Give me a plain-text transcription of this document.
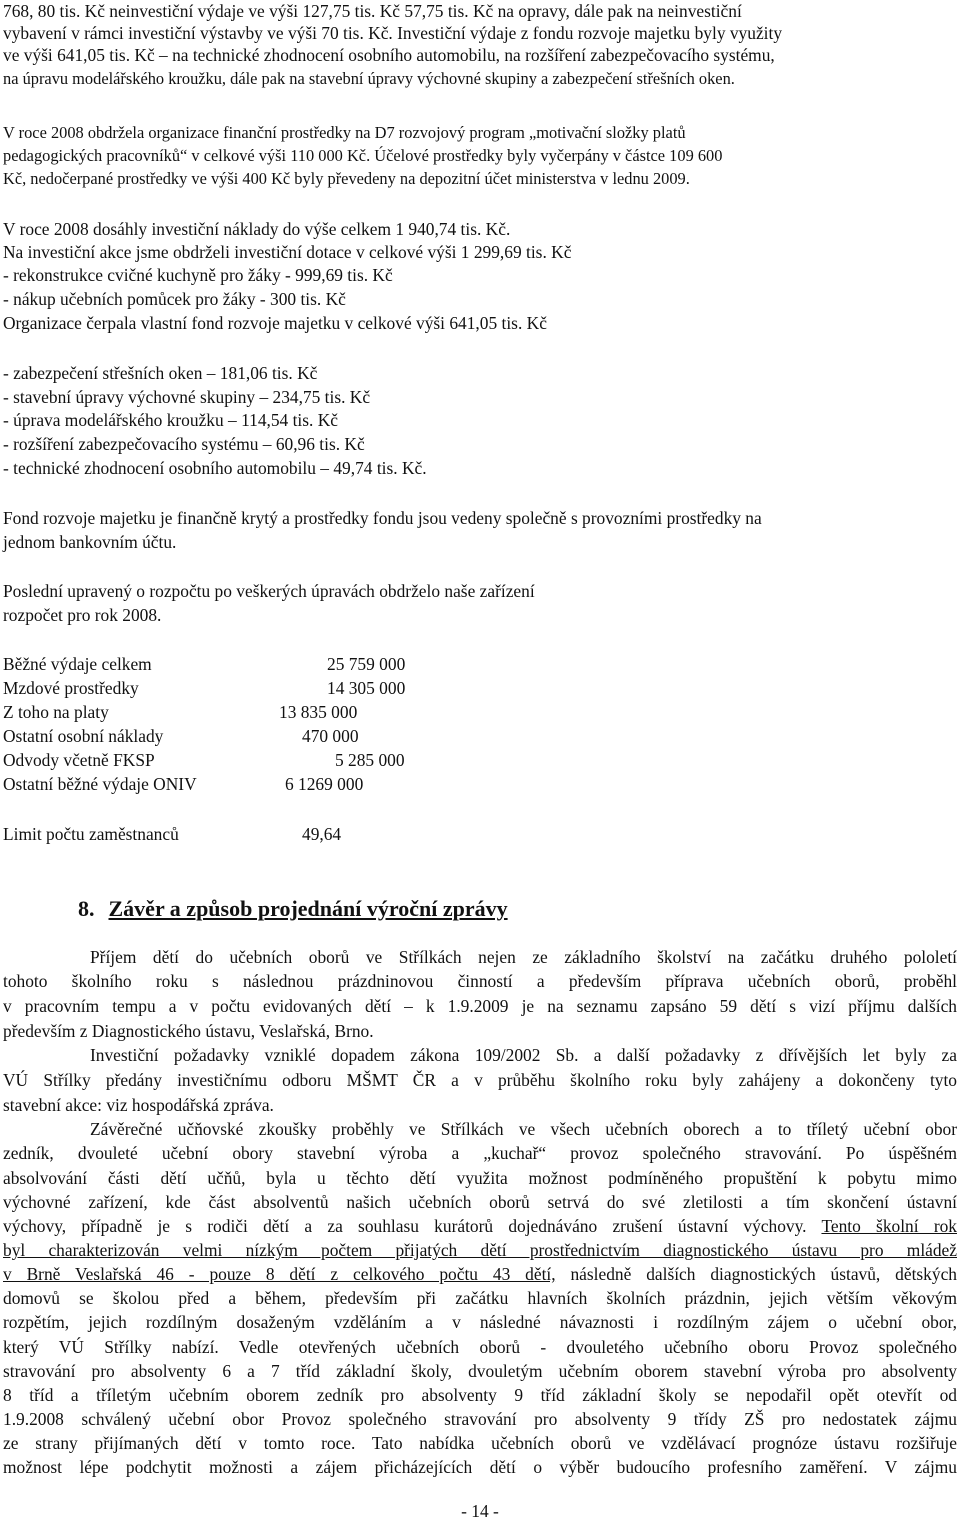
768, 80 tis. Kč neinvestiční výdaje ve výši 127,75 tis. Kč 57,75 tis. Kč na opravy, dále pak na neinvestiční
vybavení v rámci investiční výstavby ve výši 70 tis. Kč. Investiční výdaje z fondu rozvoje majetku byly využity
ve výši 641,05 tis. Kč – na technické zhodnocení osobního automobilu, na rozšíření zabezpečovacího systému,
na úpravu modelářského kroužku, dále pak na stavební úpravy výchovné skupiny a zabezpečení střešních oken.
V roce 2008 obdržela organizace finanční prostředky na D7 rozvojový program „motivační složky platů
pedagogických pracovníků“ v celkové výši 110 000 Kč. Účelové prostředky byly vyčerpány v částce 109 600
Kč, nedočerpané prostředky ve výši 400 Kč byly převedeny na depozitní účet ministerstva v lednu 2009.
V roce 2008 dosáhly investiční náklady do výše celkem 1 940,74 tis. Kč.
Na investiční akce jsme obdrželi investiční dotace v celkové výši 1 299,69 tis. Kč
- rekonstrukce cvičné kuchyně pro žáky - 999,69 tis. Kč
- nákup učebních pomůcek pro žáky - 300 tis. Kč
Organizace čerpala vlastní fond rozvoje majetku v celkové výši 641,05 tis. Kč
- zabezpečení střešních oken – 181,06 tis. Kč
- stavební úpravy výchovné skupiny – 234,75 tis. Kč
- úprava modelářského kroužku – 114,54 tis. Kč
- rozšíření zabezpečovacího systému – 60,96 tis. Kč
- technické zhodnocení osobního automobilu – 49,74 tis. Kč.
Fond rozvoje majetku je finančně krytý a prostředky fondu jsou vedeny společně s provozními prostředky na
jednom bankovním účtu.
Poslední upravený o rozpočtu po veškerých úpravách obdrželo naše zařízení
rozpočet pro rok 2008.
Běžné výdaje celkem	25 759 000
Mzdové prostředky	14 305 000
Z toho na platy	13 835 000
Ostatní osobní náklady	470 000
Odvody včetně FKSP	5 285 000
Ostatní běžné výdaje ONIV	6 1269 000
Limit počtu zaměstnanců	49,64
8. Závěr a způsob projednání výroční zprávy
Příjem dětí do učebních oborů ve Střílkách nejen ze základního školství na začátku druhého pololetí
tohoto školního roku s následnou prázdninovou činností a především příprava učebních oborů, proběhl
v pracovním tempu a v počtu evidovaných dětí – k 1.9.2009 je na seznamu zapsáno 59 dětí s vizí příjmu dalších
především z Diagnostického ústavu, Veslařská, Brno.
Investiční požadavky vzniklé dopadem zákona 109/2002 Sb. a další požadavky z dřívějších let byly za
VÚ Střílky předány investičnímu odboru MŠMT ČR a v průběhu školního roku byly zahájeny a dokončeny tyto
stavební akce: viz hospodářská zpráva.
Závěrečné učňovské zkoušky proběhly ve Střílkách ve všech učebních oborech a to tříletý učební obor
zedník, dvouleté učební obory stavební výroba a „kuchař“ provoz společného stravování. Po úspěšném
absolvování části dětí učňů, byla u těchto dětí využita možnost podmíněného propuštění k pobytu mimo
výchovné zařízení, kde část absolventů našich učebních oborů setrvá do své zletilosti a tím skončení ústavní
výchovy, případně je s rodiči dětí a za souhlasu kurátorů dojednáváno zrušení ústavní výchovy. Tento školní rok
byl charakterizován velmi nízkým počtem přijatých dětí prostřednictvím diagnostického ústavu pro mládež
v Brně Veslařská 46 - pouze 8 dětí z celkového počtu 43 dětí, následně dalších diagnostických ústavů, dětských
domovů se školou před a během, především při začátku hlavních školních prázdnin, jejich větším věkovým
rozpětím, jejich rozdílným dosaženým vzděláním a v následné návaznosti i rozdílným zájem o učební obor,
který VÚ Střílky nabízí. Vedle otevřených učebních oborů - dvouletého učebního oboru Provoz společného
stravování pro absolventy 6 a 7 tříd základní školy, dvouletým učebním oborem stavební výroba pro absolventy
8 tříd a tříletým učebním oborem zedník pro absolventy 9 tříd základní školy se nepodařil opět otevřít od
1.9.2008 schválený učební obor Provoz společného stravování pro absolventy 9 třídy ZŠ pro nedostatek zájmu
ze strany přijímaných dětí v tomto roce. Tato nabídka učebních oborů ve vzdělávací prognóze ústavu rozšiřuje
možnost lépe podchytit možnosti a zájem přicházejících dětí o výběr budoucího profesního zaměření. V zájmu
- 14 -
